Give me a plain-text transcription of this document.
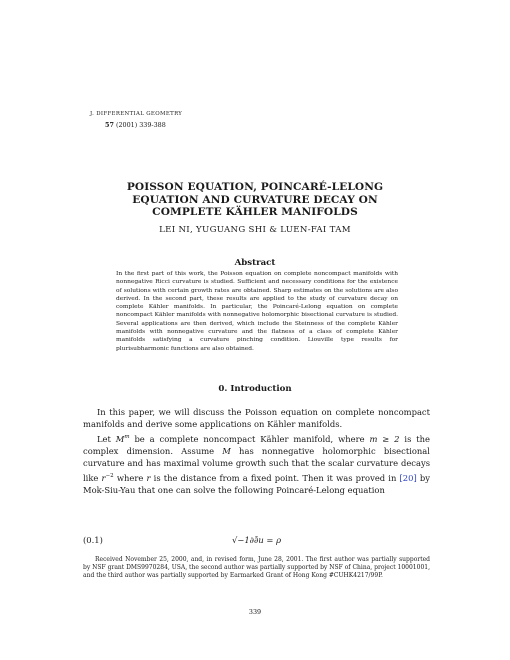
J. DIFFERENTIAL GEOMETRY
57 (2001) 339-388
POISSON EQUATION, POINCARÉ-LELONG
EQUATION AND CURVATURE DECAY ON
COMPLETE KÄHLER MANIFOLDS
LEI NI, YUGUANG SHI & LUEN-FAI TAM
Abstract
In the first part of this work, the Poisson equation on complete noncompact manifolds with nonnegative Ricci curvature is studied. Sufficient and necessary conditions for the existence of solutions with certain growth rates are obtained. Sharp estimates on the solutions are also derived. In the second part, these results are applied to the study of curvature decay on complete Kähler manifolds. In particular, the Poincaré-Lelong equation on complete noncompact Kähler manifolds with nonnegative holomorphic bisectional curvature is studied. Several applications are then derived, which include the Steinness of the complete Kähler manifolds with nonnegative curvature and the flatness of a class of complete Kähler manifolds satisfying a curvature pinching condition. Liouville type results for plurisubharmonic functions are also obtained.
0. Introduction

In this paper, we will discuss the Poisson equation on complete noncompact manifolds and derive some applications on Kähler manifolds.

Let $M^m$ be a complete noncompact Kähler manifold, where m ≥ 2 is the complex dimension. Assume M has nonnegative holomorphic bisectional curvature and has maximal volume growth such that the scalar curvature decays like $r^{-2}$ where r is the distance from a fixed point. Then it was proved in [20] by Mok-Siu-Yau that one can solve the following Poincaré-Lelong equation

(0.1)	√−1∂∂̄u = ρ

Received November 25, 2000, and, in revised form, June 28, 2001. The first author was partially supported by NSF grant DMS9970284, USA, the second author was partially supported by NSF of China, project 10001001, and the third author was partially supported by Earmarked Grant of Hong Kong #CUHK4217/99P.

339
